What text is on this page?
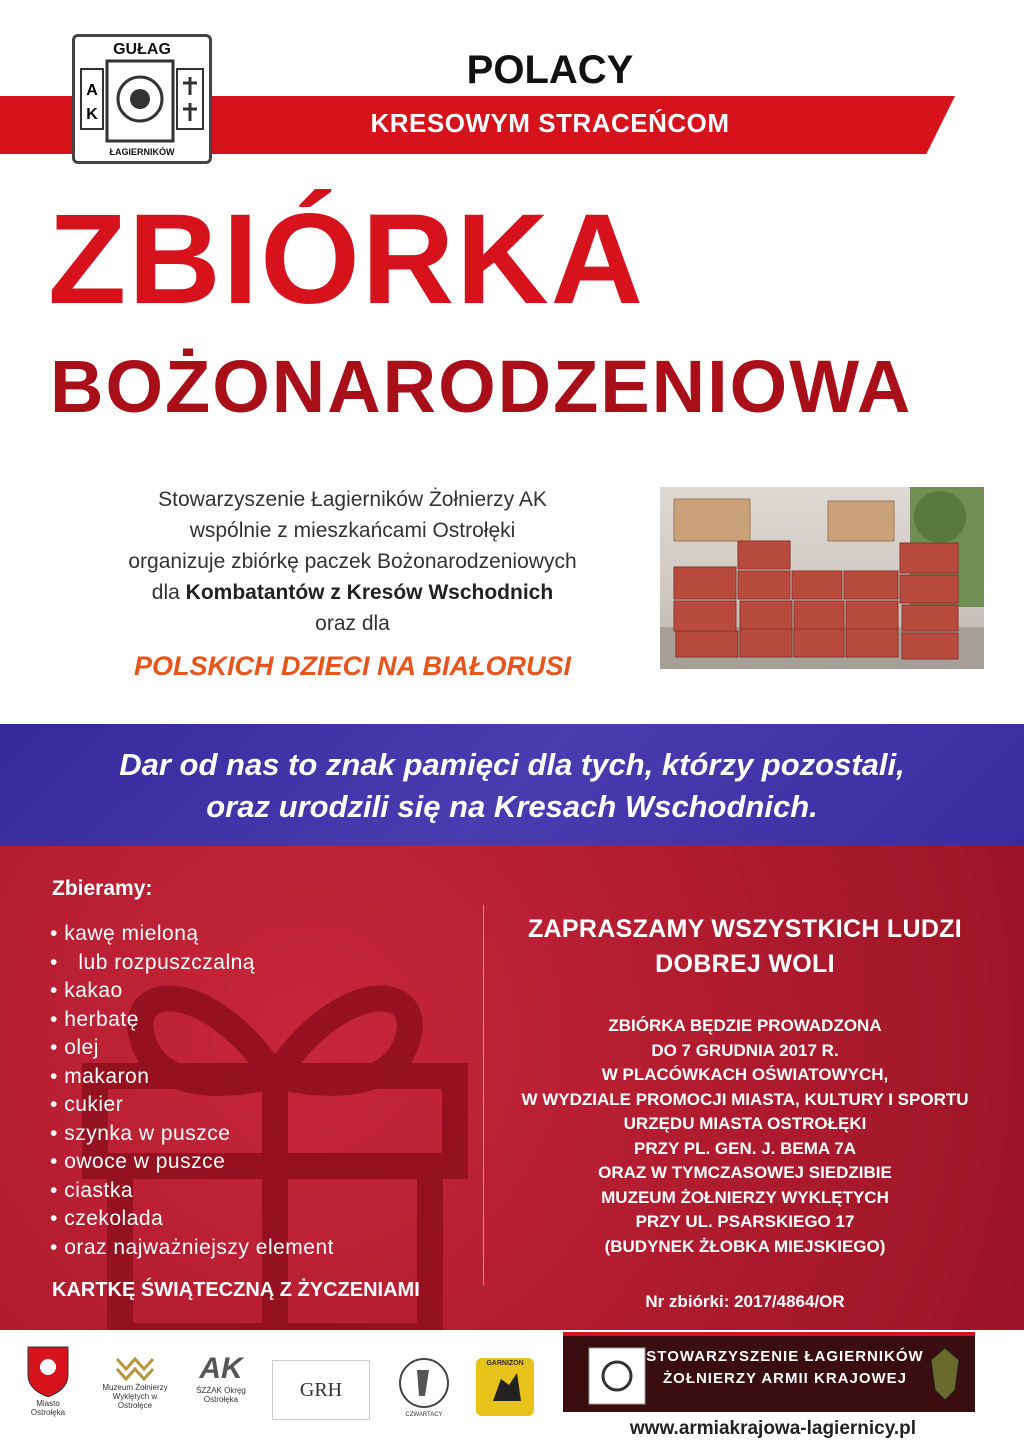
POLACY
KRESOWYM STRACEŃCOM
GUŁAG
A
K
ŁAGIERNIKÓW
ZBIÓRKA
BOŻONARODZENIOWA
Stowarzyszenie Łagierników Żołnierzy AK
wspólnie z mieszkańcami Ostrołęki
organizuje zbiórkę paczek Bożonarodzeniowych
dla Kombatantów z Kresów Wschodnich
oraz dla
POLSKICH DZIECI NA BIAŁORUSI
Dar od nas to znak pamięci dla tych, którzy pozostali,
oraz urodzili się na Kresach Wschodnich.
Zbieramy:
• kawę mieloną
• lub rozpuszczalną
• kakao
• herbatę
• olej
• makaron
• cukier
• szynka w puszce
• owoce w puszce
• ciastka
• czekolada
• oraz najważniejszy element
KARTKĘ ŚWIĄTECZNĄ Z ŻYCZENIAMI
ZAPRASZAMY WSZYSTKICH LUDZI
DOBREJ WOLI
ZBIÓRKA BĘDZIE PROWADZONA
DO 7 GRUDNIA 2017 R.
W PLACÓWKACH OŚWIATOWYCH,
W WYDZIALE PROMOCJI MIASTA, KULTURY I SPORTU
URZĘDU MIASTA OSTROŁĘKI
PRZY PL. GEN. J. BEMA 7A
ORAZ W TYMCZASOWEJ SIEDZIBIE
MUZEUM ŻOŁNIERZY WYKLĘTYCH
PRZY UL. PSARSKIEGO 17
(BUDYNEK ŻŁOBKA MIEJSKIEGO)
Nr zbiórki: 2017/4864/OR
Miasto Ostrołęka
Muzeum Żołnierzy Wyklętych w Ostrołęce
AK
ŚZŻAK Okręg Ostrołęka	GRH
CZWARTACY
GARNIZON	STOWARZYSZENIE ŁAGIERNIKÓW
ŻOŁNIERZY ARMII KRAJOWEJ
www.armiakrajowa-lagiernicy.pl
